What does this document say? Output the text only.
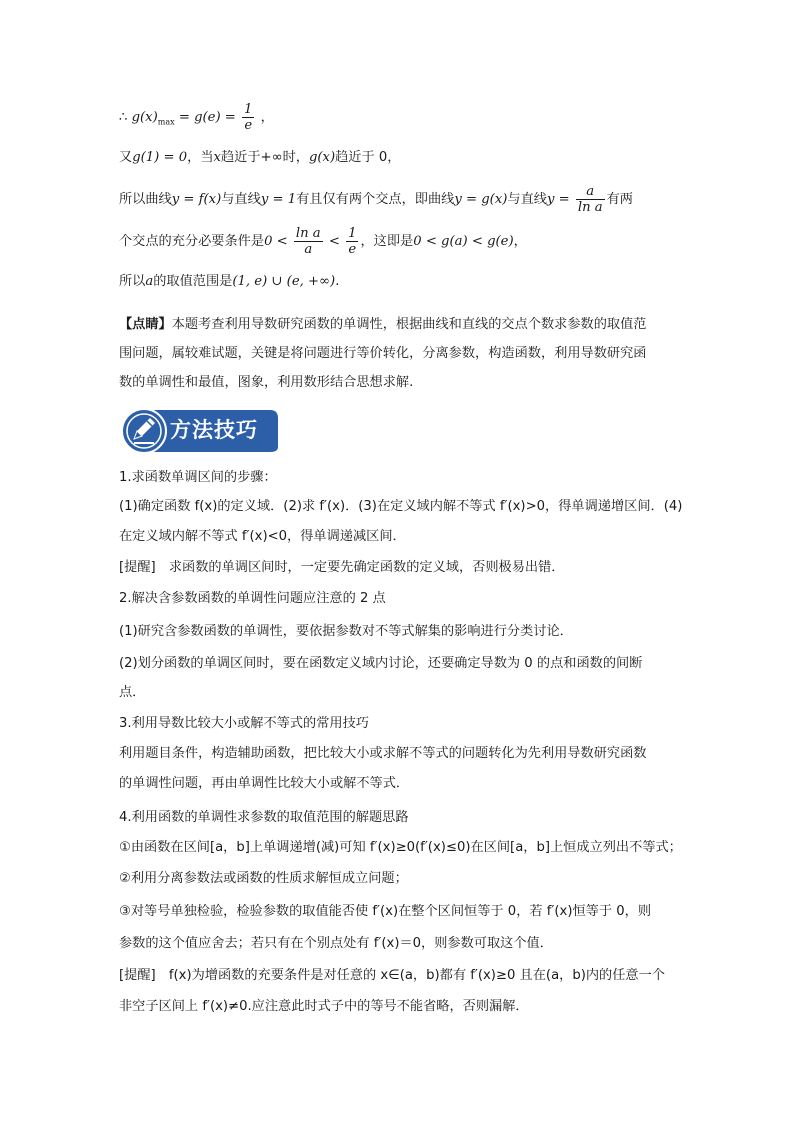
∴ $g(x)_{max} = g(e) = \frac{1}{e}$ ，
又g(1) = 0，当x趋近于+∞时，g(x)趋近于 0，
所以曲线y = f(x)与直线y = 1有且仅有两个交点，即曲线y = g(x)与直线$y = \frac{a}{\text{ln a}}$ 有两
个交点的充分必要条件是$0 < \frac{\text{ln a}}{a} < \frac{1}{e}$ ，这即是0 < g(a) < g(e)，
所以a的取值范围是(1, e) ∪ (e, +∞).
【点睛】本题考查利用导数研究函数的单调性，根据曲线和直线的交点个数求参数的取值范
围问题，属较难试题，关键是将问题进行等价转化，分离参数，构造函数，利用导数研究函
数的单调性和最值，图象，利用数形结合思想求解.
方法技巧
1.求函数单调区间的步骤：
(1)确定函数 f(x)的定义域．(2)求 f′(x)．(3)在定义域内解不等式 f′(x)>0，得单调递增区间．(4)
在定义域内解不等式 f′(x)<0，得单调递减区间．
[提醒]　求函数的单调区间时，一定要先确定函数的定义域，否则极易出错．
2.解决含参数函数的单调性问题应注意的 2 点
(1)研究含参数函数的单调性，要依据参数对不等式解集的影响进行分类讨论．
(2)划分函数的单调区间时，要在函数定义域内讨论，还要确定导数为 0 的点和函数的间断
点．
3.利用导数比较大小或解不等式的常用技巧
利用题目条件，构造辅助函数，把比较大小或求解不等式的问题转化为先利用导数研究函数
的单调性问题，再由单调性比较大小或解不等式．
4.利用函数的单调性求参数的取值范围的解题思路
①由函数在区间[a，b]上单调递增(减)可知 f′(x)≥0(f′(x)≤0)在区间[a，b]上恒成立列出不等式；
②利用分离参数法或函数的性质求解恒成立问题；
③对等号单独检验，检验参数的取值能否使 f′(x)在整个区间恒等于 0，若 f′(x)恒等于 0，则
参数的这个值应舍去；若只有在个别点处有 f′(x)＝0，则参数可取这个值．
[提醒]　f(x)为增函数的充要条件是对任意的 x∈(a，b)都有 f′(x)≥0 且在(a，b)内的任意一个
非空子区间上 f′(x)≠0.应注意此时式子中的等号不能省略，否则漏解．
